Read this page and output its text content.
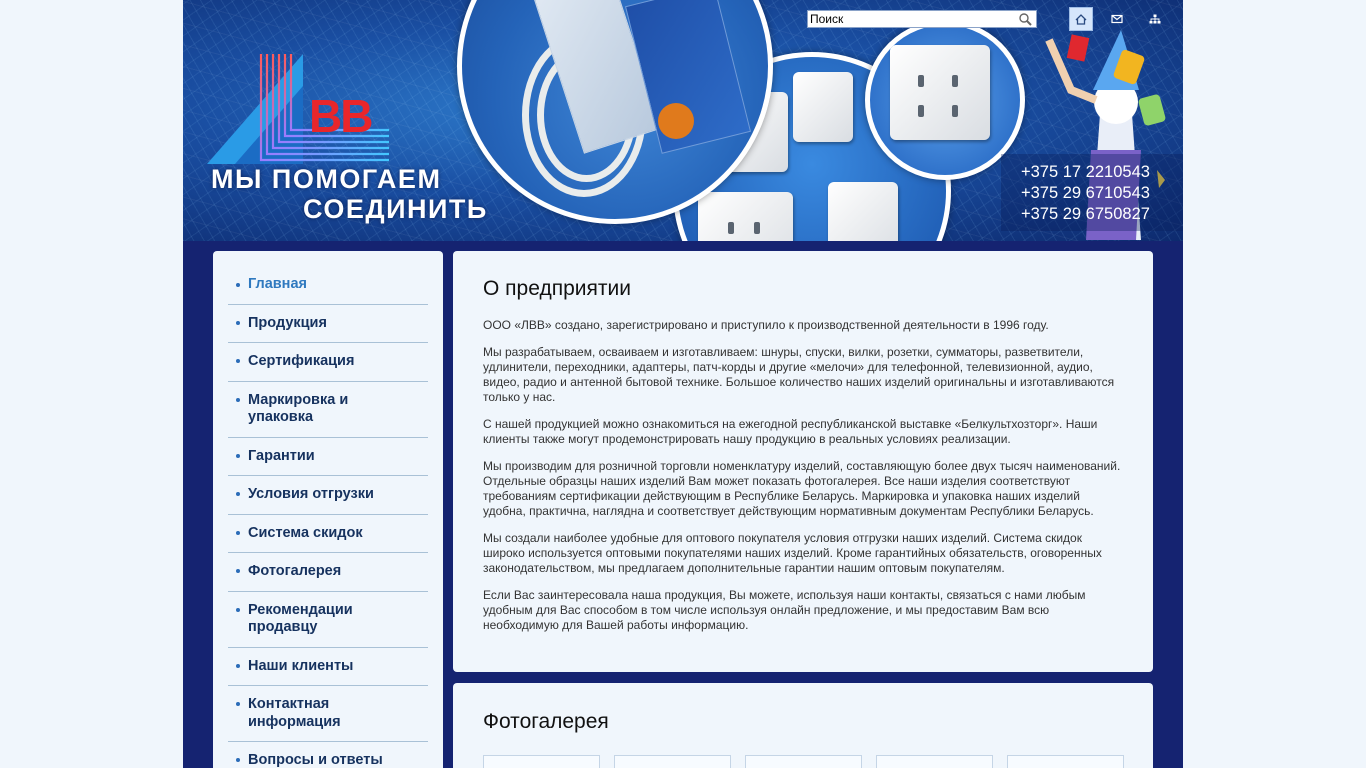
ВВ
МЫ ПОМОГАЕМ
СОЕДИНИТЬ
Поиск
+375 17 2210543
+375 29 6710543
+375 29 6750827
Главная
Продукция
Сертификация
Маркировка и упаковка
Гарантии
Условия отгрузки
Система скидок
Фотогалерея
Рекомендации продавцу
Наши клиенты
Контактная информация
Вопросы и ответы
О предприятии

ООО «ЛВВ» создано, зарегистрировано и приступило к производственной деятельности в 1996 году.

Мы разрабатываем, осваиваем и изготавливаем: шнуры, спуски, вилки, розетки, сумматоры, разветвители, удлинители, переходники, адаптеры, патч-корды и другие «мелочи» для телефонной, телевизионной, аудио, видео, радио и антенной бытовой технике. Большое количество наших изделий оригинальны и изготавливаются только у нас.

С нашей продукцией можно ознакомиться на ежегодной республиканской выставке «Белкультхозторг». Наши клиенты также могут продемонстрировать нашу продукцию в реальных условиях реализации.

Мы производим для розничной торговли номенклатуру изделий, составляющую более двух тысяч наименований. Отдельные образцы наших изделий Вам может показать фотогалерея. Все наши изделия соответствуют требованиям сертификации действующим в Республике Беларусь. Маркировка и упаковка наших изделий удобна, практична, наглядна и соответствует действующим нормативным документам Республики Беларусь.

Мы создали наиболее удобные для оптового покупателя условия отгрузки наших изделий. Система скидок широко используется оптовыми покупателями наших изделий. Кроме гарантийных обязательств, оговоренных законодательством, мы предлагаем дополнительные гарантии нашим оптовым покупателям.

Если Вас заинтересовала наша продукция, Вы можете, используя наши контакты, связаться с нами любым удобным для Вас способом в том числе используя онлайн предложение, и мы предоставим Вам всю необходимую для Вашей работы информацию.

Фотогалерея
